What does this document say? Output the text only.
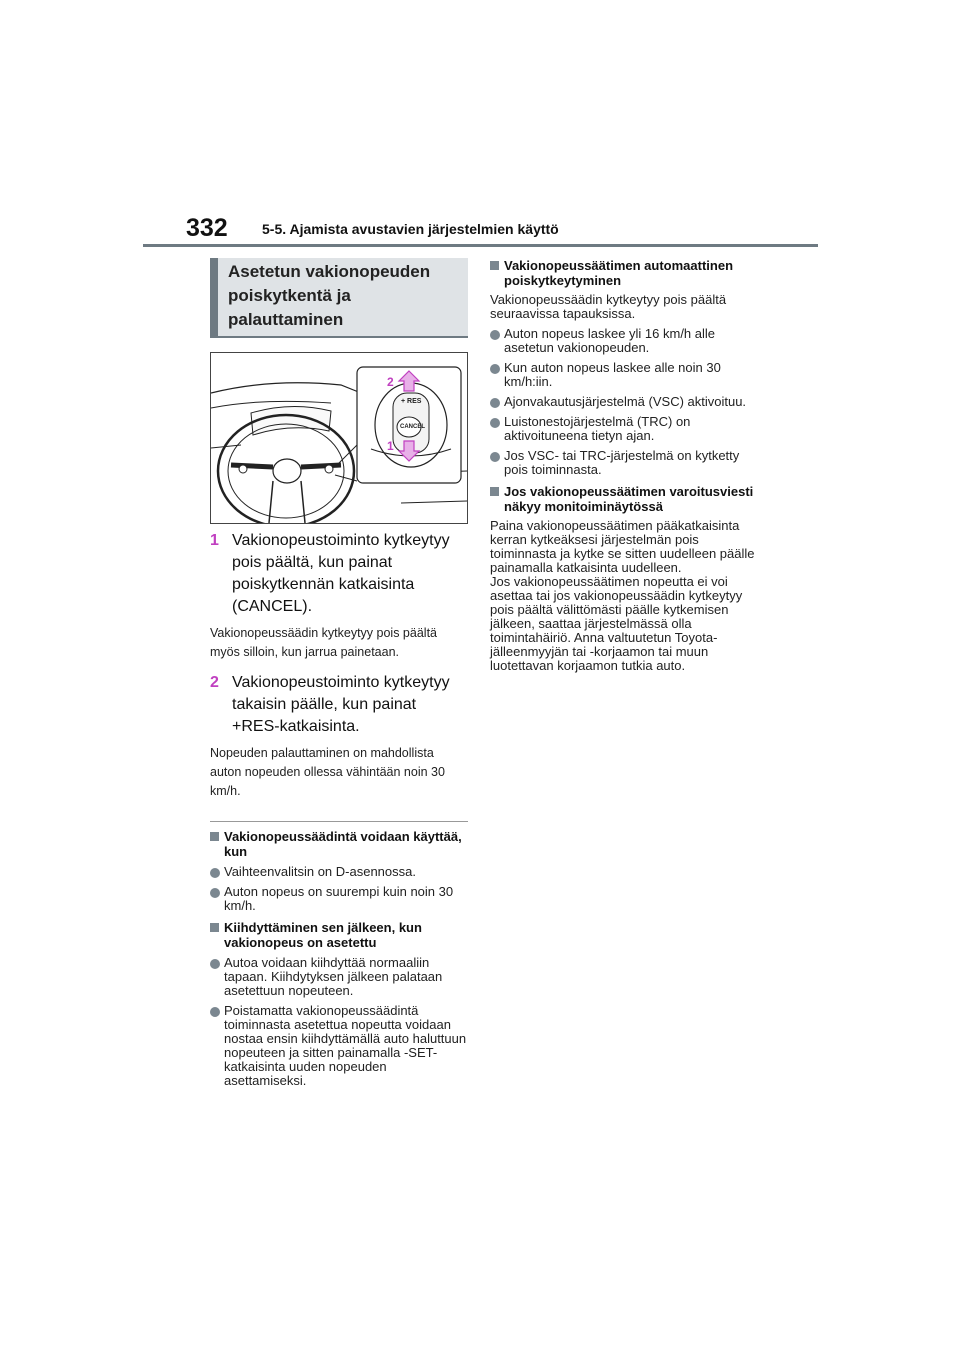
332 5-5. Ajamista avustavien järjestelmien käyttö
Asetetun vakionopeuden
poiskytkentä ja
palauttaminen
+ RES
CANCEL
2
1
1 Vakionopeustoiminto kytkeytyy pois päältä, kun painat poiskytkennän katkaisinta (CANCEL).

Vakionopeussäädin kytkeytyy pois päältä myös silloin, kun jarrua painetaan.

2 Vakionopeustoiminto kytkeytyy takaisin päälle, kun painat +RES-katkaisinta.

Nopeuden palauttaminen on mahdollista auton nopeuden ollessa vähintään noin 30 km/h.

Vakionopeussäädintä voidaan käyttää, kun
Vaihteenvalitsin on D-asennossa.
Auton nopeus on suurempi kuin noin 30 km/h.
Kiihdyttäminen sen jälkeen, kun vakionopeus on asetettu
Autoa voidaan kiihdyttää normaaliin tapaan. Kiihdytyksen jälkeen palataan asetettuun nopeuteen.
Poistamatta vakionopeussäädintä toiminnasta asetettua nopeutta voidaan nostaa ensin kiihdyttämällä auto haluttuun nopeuteen ja sitten painamalla -SET-katkaisinta uuden nopeuden asettamiseksi.
Vakionopeussäätimen automaattinen poiskytkeytyminen
Vakionopeussäädin kytkeytyy pois päältä seuraavissa tapauksissa.
Auton nopeus laskee yli 16 km/h alle asetetun vakionopeuden.
Kun auton nopeus laskee alle noin 30 km/h:iin.
Ajonvakautusjärjestelmä (VSC) aktivoituu.
Luistonestojärjestelmä (TRC) on aktivoituneena tietyn ajan.
Jos VSC- tai TRC-järjestelmä on kytketty pois toiminnasta.
Jos vakionopeussäätimen varoitusviesti näkyy monitoiminäytössä
Paina vakionopeussäätimen pääkatkaisinta kerran kytkeäksesi järjestelmän pois toiminnasta ja kytke se sitten uudelleen päälle painamalla katkaisinta uudelleen.
Jos vakionopeussäätimen nopeutta ei voi asettaa tai jos vakionopeussäädin kytkeytyy pois päältä välittömästi päälle kytkemisen jälkeen, saattaa järjestelmässä olla toimintahäiriö. Anna valtuutetun Toyota-jälleenmyyjän tai -korjaamon tai muun luotettavan korjaamon tutkia auto.
